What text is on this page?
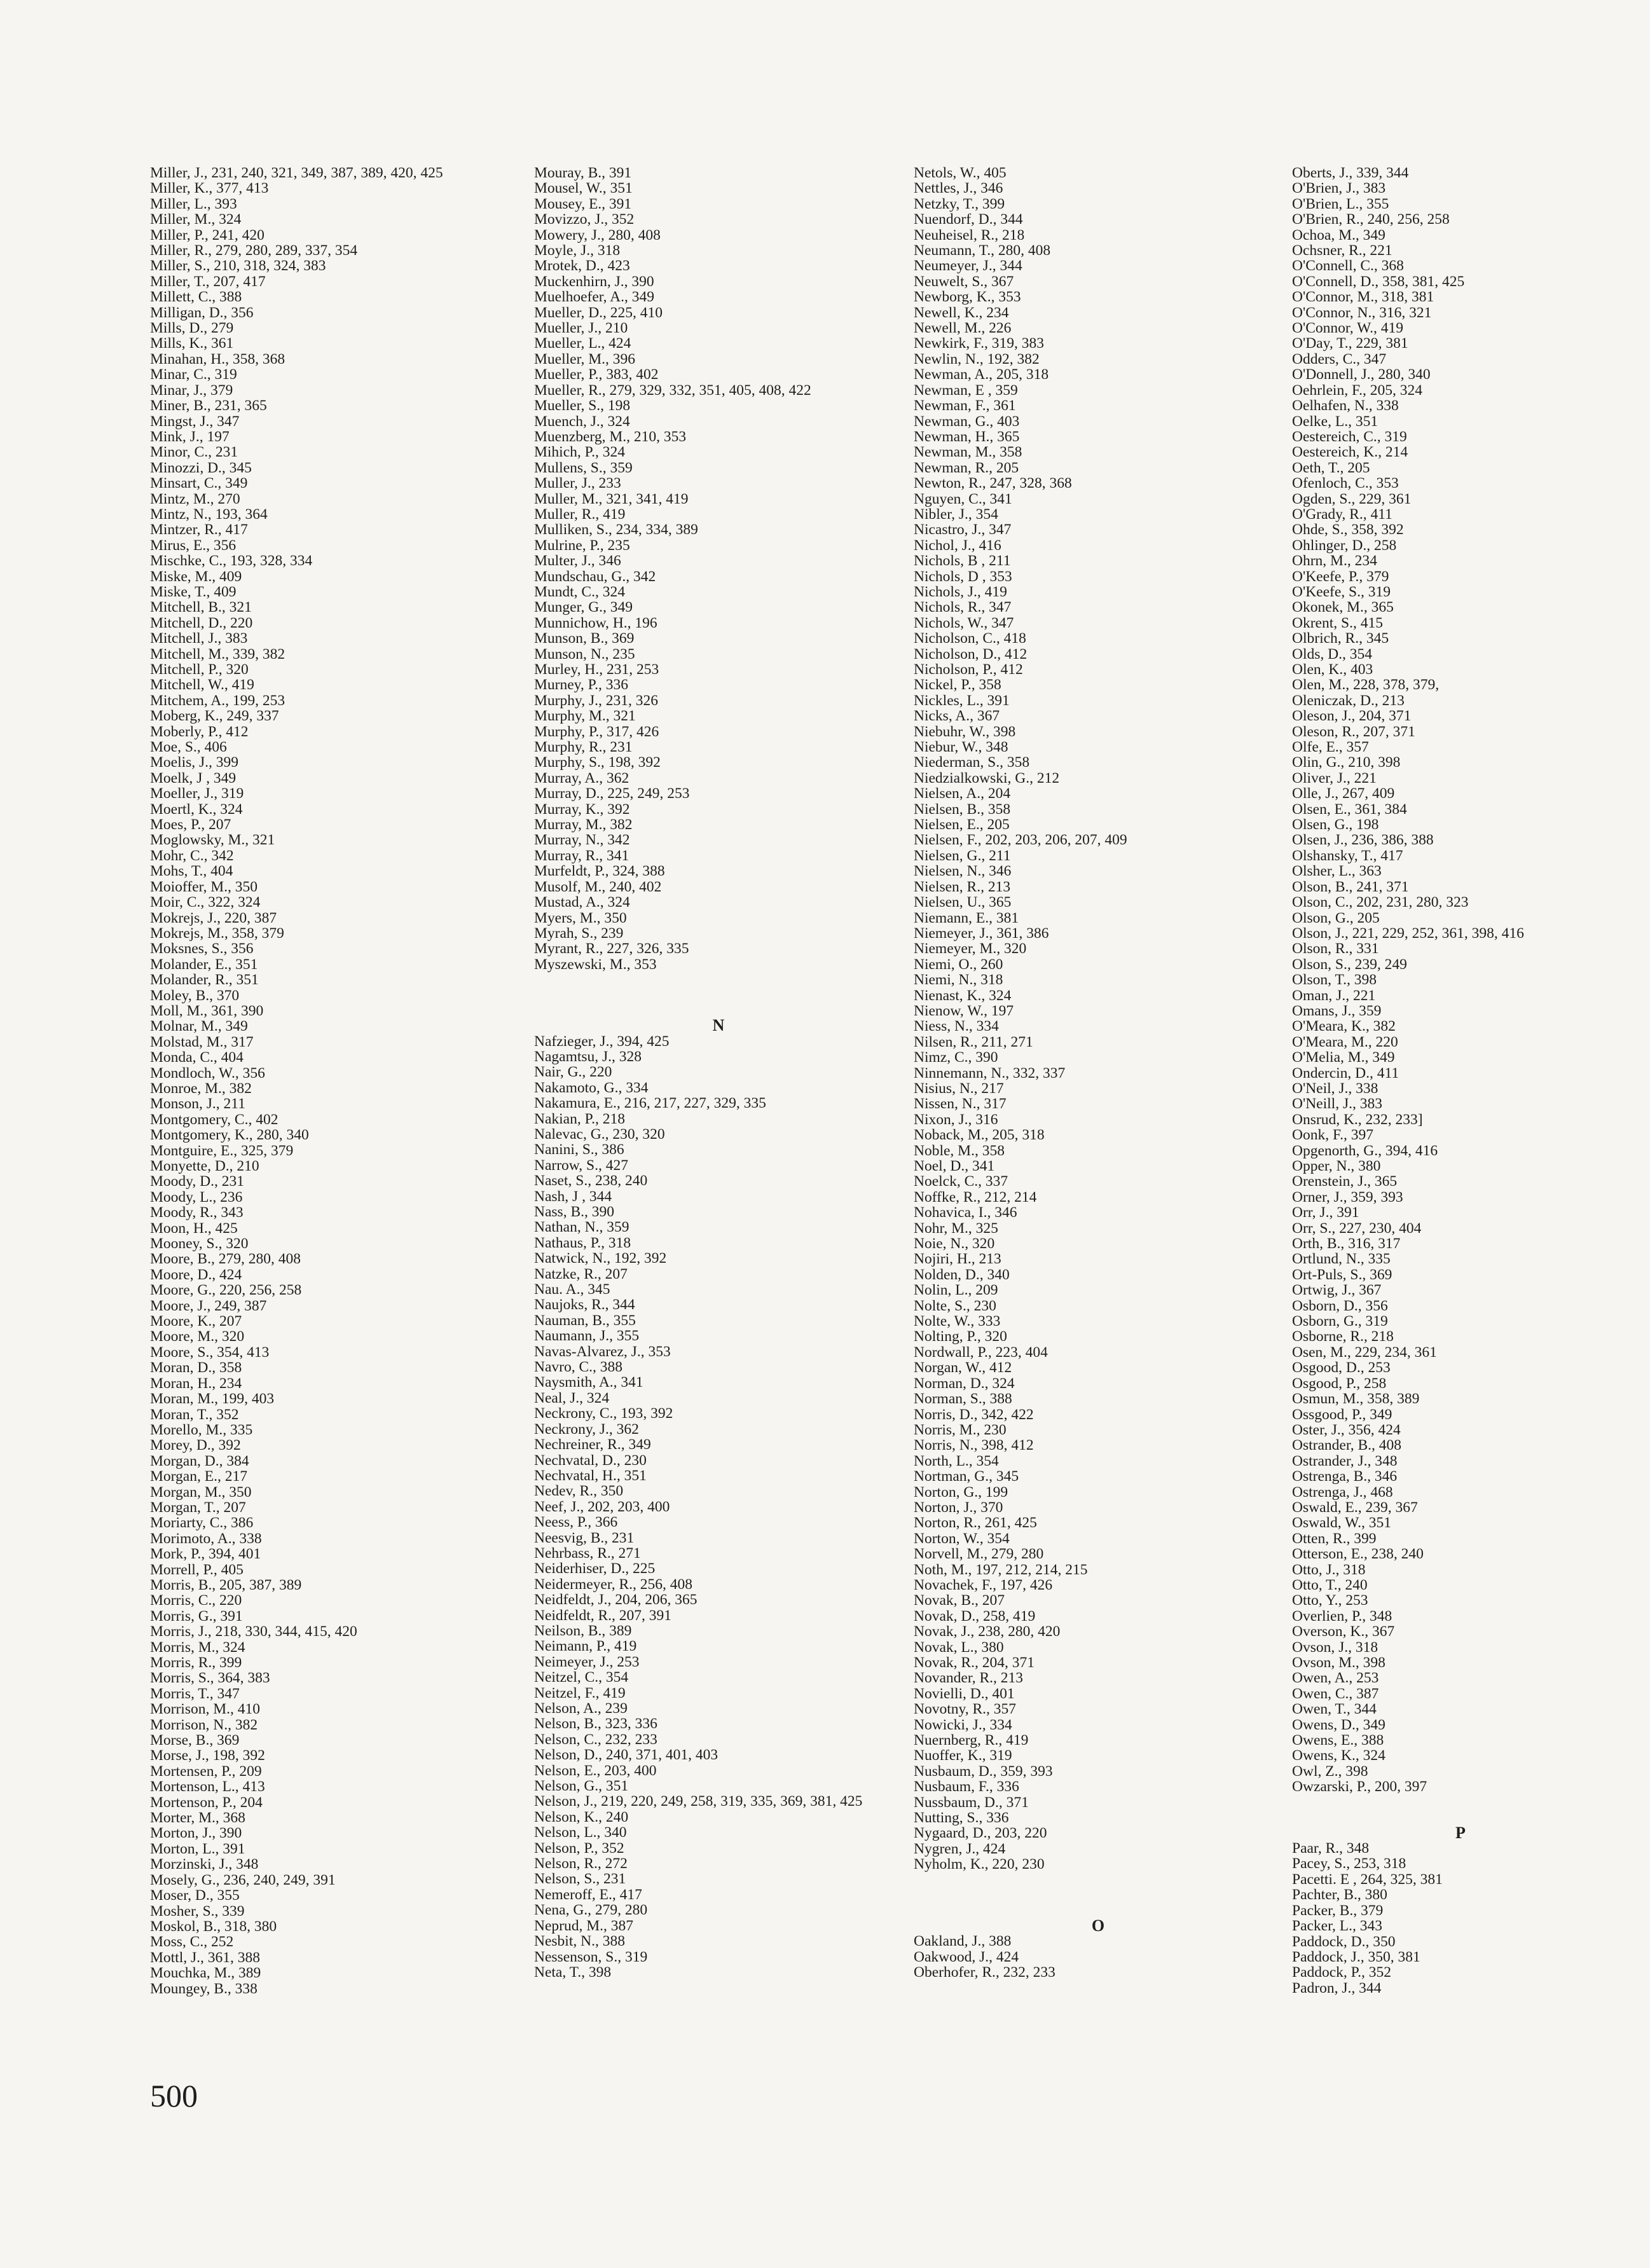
Miller, J., 231, 240, 321, 349, 387, 389, 420, 425
Miller, K., 377, 413
Miller, L., 393
Miller, M., 324
Miller, P., 241, 420
Miller, R., 279, 280, 289, 337, 354
Miller, S., 210, 318, 324, 383
Miller, T., 207, 417
Millett, C., 388
Milligan, D., 356
Mills, D., 279
Mills, K., 361
Minahan, H., 358, 368
Minar, C., 319
Minar, J., 379
Miner, B., 231, 365
Mingst, J., 347
Mink, J., 197
Minor, C., 231
Minozzi, D., 345
Minsart, C., 349
Mintz, M., 270
Mintz, N., 193, 364
Mintzer, R., 417
Mirus, E., 356
Mischke, C., 193, 328, 334
Miske, M., 409
Miske, T., 409
Mitchell, B., 321
Mitchell, D., 220
Mitchell, J., 383
Mitchell, M., 339, 382
Mitchell, P., 320
Mitchell, W., 419
Mitchem, A., 199, 253
Moberg, K., 249, 337
Moberly, P., 412
Moe, S., 406
Moelis, J., 399
Moelk, J , 349
Moeller, J., 319
Moertl, K., 324
Moes, P., 207
Moglowsky, M., 321
Mohr, C., 342
Mohs, T., 404
Moioffer, M., 350
Moir, C., 322, 324
Mokrejs, J., 220, 387
Mokrejs, M., 358, 379
Moksnes, S., 356
Molander, E., 351
Molander, R., 351
Moley, B., 370
Moll, M., 361, 390
Molnar, M., 349
Molstad, M., 317
Monda, C., 404
Mondloch, W., 356
Monroe, M., 382
Monson, J., 211
Montgomery, C., 402
Montgomery, K., 280, 340
Montguire, E., 325, 379
Monyette, D., 210
Moody, D., 231
Moody, L., 236
Moody, R., 343
Moon, H., 425
Mooney, S., 320
Moore, B., 279, 280, 408
Moore, D., 424
Moore, G., 220, 256, 258
Moore, J., 249, 387
Moore, K., 207
Moore, M., 320
Moore, S., 354, 413
Moran, D., 358
Moran, H., 234
Moran, M., 199, 403
Moran, T., 352
Morello, M., 335
Morey, D., 392
Morgan, D., 384
Morgan, E., 217
Morgan, M., 350
Morgan, T., 207
Moriarty, C., 386
Morimoto, A., 338
Mork, P., 394, 401
Morrell, P., 405
Morris, B., 205, 387, 389
Morris, C., 220
Morris, G., 391
Morris, J., 218, 330, 344, 415, 420
Morris, M., 324
Morris, R., 399
Morris, S., 364, 383
Morris, T., 347
Morrison, M., 410
Morrison, N., 382
Morse, B., 369
Morse, J., 198, 392
Mortensen, P., 209
Mortenson, L., 413
Mortenson, P., 204
Morter, M., 368
Morton, J., 390
Morton, L., 391
Morzinski, J., 348
Mosely, G., 236, 240, 249, 391
Moser, D., 355
Mosher, S., 339
Moskol, B., 318, 380
Moss, C., 252
Mottl, J., 361, 388
Mouchka, M., 389
Moungey, B., 338
Mouray, B., 391
Mousel, W., 351
Mousey, E., 391
Movizzo, J., 352
Mowery, J., 280, 408
Moyle, J., 318
Mrotek, D., 423
Muckenhirn, J., 390
Muelhoefer, A., 349
Mueller, D., 225, 410
Mueller, J., 210
Mueller, L., 424
Mueller, M., 396
Mueller, P., 383, 402
Mueller, R., 279, 329, 332, 351, 405, 408, 422
Mueller, S., 198
Muench, J., 324
Muenzberg, M., 210, 353
Mihich, P., 324
Mullens, S., 359
Muller, J., 233
Muller, M., 321, 341, 419
Muller, R., 419
Mulliken, S., 234, 334, 389
Mulrine, P., 235
Multer, J., 346
Mundschau, G., 342
Mundt, C., 324
Munger, G., 349
Munnichow, H., 196
Munson, B., 369
Munson, N., 235
Murley, H., 231, 253
Murney, P., 336
Murphy, J., 231, 326
Murphy, M., 321
Murphy, P., 317, 426
Murphy, R., 231
Murphy, S., 198, 392
Murray, A., 362
Murray, D., 225, 249, 253
Murray, K., 392
Murray, M., 382
Murray, N., 342
Murray, R., 341
Murfeldt, P., 324, 388
Musolf, M., 240, 402
Mustad, A., 324
Myers, M., 350
Myrah, S., 239
Myrant, R., 227, 326, 335
Myszewski, M., 353
N
Nafzieger, J., 394, 425
Nagamtsu, J., 328
Nair, G., 220
Nakamoto, G., 334
Nakamura, E., 216, 217, 227, 329, 335
Nakian, P., 218
Nalevac, G., 230, 320
Nanini, S., 386
Narrow, S., 427
Naset, S., 238, 240
Nash, J , 344
Nass, B., 390
Nathan, N., 359
Nathaus, P., 318
Natwick, N., 192, 392
Natzke, R., 207
Nau. A., 345
Naujoks, R., 344
Nauman, B., 355
Naumann, J., 355
Navas-Alvarez, J., 353
Navro, C., 388
Naysmith, A., 341
Neal, J., 324
Neckrony, C., 193, 392
Neckrony, J., 362
Nechreiner, R., 349
Nechvatal, D., 230
Nechvatal, H., 351
Nedev, R., 350
Neef, J., 202, 203, 400
Neess, P., 366
Neesvig, B., 231
Nehrbass, R., 271
Neiderhiser, D., 225
Neidermeyer, R., 256, 408
Neidfeldt, J., 204, 206, 365
Neidfeldt, R., 207, 391
Neilson, B., 389
Neimann, P., 419
Neimeyer, J., 253
Neitzel, C., 354
Neitzel, F., 419
Nelson, A., 239
Nelson, B., 323, 336
Nelson, C., 232, 233
Nelson, D., 240, 371, 401, 403
Nelson, E., 203, 400
Nelson, G., 351
Nelson, J., 219, 220, 249, 258, 319, 335, 369, 381, 425
Nelson, K., 240
Nelson, L., 340
Nelson, P., 352
Nelson, R., 272
Nelson, S., 231
Nemeroff, E., 417
Nena, G., 279, 280
Neprud, M., 387
Nesbit, N., 388
Nessenson, S., 319
Neta, T., 398
Netols, W., 405
Nettles, J., 346
Netzky, T., 399
Nuendorf, D., 344
Neuheisel, R., 218
Neumann, T., 280, 408
Neumeyer, J., 344
Neuwelt, S., 367
Newborg, K., 353
Newell, K., 234
Newell, M., 226
Newkirk, F., 319, 383
Newlin, N., 192, 382
Newman, A., 205, 318
Newman, E , 359
Newman, F., 361
Newman, G., 403
Newman, H., 365
Newman, M., 358
Newman, R., 205
Newton, R., 247, 328, 368
Nguyen, C., 341
Nibler, J., 354
Nicastro, J., 347
Nichol, J., 416
Nichols, B , 211
Nichols, D , 353
Nichols, J., 419
Nichols, R., 347
Nichols, W., 347
Nicholson, C., 418
Nicholson, D., 412
Nicholson, P., 412
Nickel, P., 358
Nickles, L., 391
Nicks, A., 367
Niebuhr, W., 398
Niebur, W., 348
Niederman, S., 358
Niedzialkowski, G., 212
Nielsen, A., 204
Nielsen, B., 358
Nielsen, E., 205
Nielsen, F., 202, 203, 206, 207, 409
Nielsen, G., 211
Nielsen, N., 346
Nielsen, R., 213
Nielsen, U., 365
Niemann, E., 381
Niemeyer, J., 361, 386
Niemeyer, M., 320
Niemi, O., 260
Niemi, N., 318
Nienast, K., 324
Nienow, W., 197
Niess, N., 334
Nilsen, R., 211, 271
Nimz, C., 390
Ninnemann, N., 332, 337
Nisius, N., 217
Nissen, N., 317
Nixon, J., 316
Noback, M., 205, 318
Noble, M., 358
Noel, D., 341
Noelck, C., 337
Noffke, R., 212, 214
Nohavica, I., 346
Nohr, M., 325
Noie, N., 320
Nojiri, H., 213
Nolden, D., 340
Nolin, L., 209
Nolte, S., 230
Nolte, W., 333
Nolting, P., 320
Nordwall, P., 223, 404
Norgan, W., 412
Norman, D., 324
Norman, S., 388
Norris, D., 342, 422
Norris, M., 230
Norris, N., 398, 412
North, L., 354
Nortman, G., 345
Norton, G., 199
Norton, J., 370
Norton, R., 261, 425
Norton, W., 354
Norvell, M., 279, 280
Noth, M., 197, 212, 214, 215
Novachek, F., 197, 426
Novak, B., 207
Novak, D., 258, 419
Novak, J., 238, 280, 420
Novak, L., 380
Novak, R., 204, 371
Novander, R., 213
Novielli, D., 401
Novotny, R., 357
Nowicki, J., 334
Nuernberg, R., 419
Nuoffer, K., 319
Nusbaum, D., 359, 393
Nusbaum, F., 336
Nussbaum, D., 371
Nutting, S., 336
Nygaard, D., 203, 220
Nygren, J., 424
Nyholm, K., 220, 230
O
Oakland, J., 388
Oakwood, J., 424
Oberhofer, R., 232, 233
Oberts, J., 339, 344
O'Brien, J., 383
O'Brien, L., 355
O'Brien, R., 240, 256, 258
Ochoa, M., 349
Ochsner, R., 221
O'Connell, C., 368
O'Connell, D., 358, 381, 425
O'Connor, M., 318, 381
O'Connor, N., 316, 321
O'Connor, W., 419
O'Day, T., 229, 381
Odders, C., 347
O'Donnell, J., 280, 340
Oehrlein, F., 205, 324
Oelhafen, N., 338
Oelke, L., 351
Oestereich, C., 319
Oestereich, K., 214
Oeth, T., 205
Ofenloch, C., 353
Ogden, S., 229, 361
O'Grady, R., 411
Ohde, S., 358, 392
Ohlinger, D., 258
Ohrn, M., 234
O'Keefe, P., 379
O'Keefe, S., 319
Okonek, M., 365
Okrent, S., 415
Olbrich, R., 345
Olds, D., 354
Olen, K., 403
Olen, M., 228, 378, 379,
Oleniczak, D., 213
Oleson, J., 204, 371
Oleson, R., 207, 371
Olfe, E., 357
Olin, G., 210, 398
Oliver, J., 221
Olle, J., 267, 409
Olsen, E., 361, 384
Olsen, G., 198
Olsen, J., 236, 386, 388
Olshansky, T., 417
Olsher, L., 363
Olson, B., 241, 371
Olson, C., 202, 231, 280, 323
Olson, G., 205
Olson, J., 221, 229, 252, 361, 398, 416
Olson, R., 331
Olson, S., 239, 249
Olson, T., 398
Oman, J., 221
Omans, J., 359
O'Meara, K., 382
O'Meara, M., 220
O'Melia, M., 349
Ondercin, D., 411
O'Neil, J., 338
O'Neill, J., 383
Onsrud, K., 232, 233]
Oonk, F., 397
Opgenorth, G., 394, 416
Opper, N., 380
Orenstein, J., 365
Orner, J., 359, 393
Orr, J., 391
Orr, S., 227, 230, 404
Orth, B., 316, 317
Ortlund, N., 335
Ort-Puls, S., 369
Ortwig, J., 367
Osborn, D., 356
Osborn, G., 319
Osborne, R., 218
Osen, M., 229, 234, 361
Osgood, D., 253
Osgood, P., 258
Osmun, M., 358, 389
Ossgood, P., 349
Oster, J., 356, 424
Ostrander, B., 408
Ostrander, J., 348
Ostrenga, B., 346
Ostrenga, J., 468
Oswald, E., 239, 367
Oswald, W., 351
Otten, R., 399
Otterson, E., 238, 240
Otto, J., 318
Otto, T., 240
Otto, Y., 253
Overlien, P., 348
Overson, K., 367
Ovson, J., 318
Ovson, M., 398
Owen, A., 253
Owen, C., 387
Owen, T., 344
Owens, D., 349
Owens, E., 388
Owens, K., 324
Owl, Z., 398
Owzarski, P., 200, 397
P
Paar, R., 348
Pacey, S., 253, 318
Pacetti. E , 264, 325, 381
Pachter, B., 380
Packer, B., 379
Packer, L., 343
Paddock, D., 350
Paddock, J., 350, 381
Paddock, P., 352
Padron, J., 344
500
